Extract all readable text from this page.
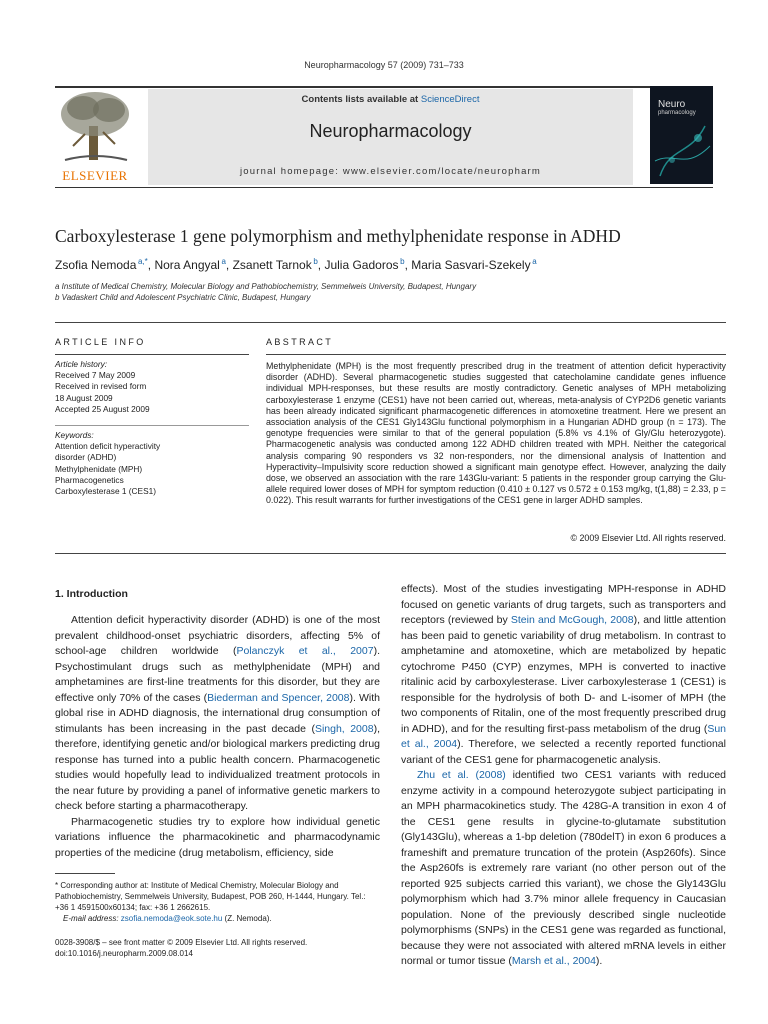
Neuropharmacology 57 (2009) 731–733
ELSEVIER
Contents lists available at ScienceDirect
Neuropharmacology
journal homepage: www.elsevier.com/locate/neuropharm
Neuro
pharmacology
Carboxylesterase 1 gene polymorphism and methylphenidate response in ADHD
Zsofia Nemoda  $^{a,*}$, Nora Angyal  $^a$, Zsanett Tarnok  $^b$, Julia Gadoros  $^b$, Maria Sasvari-Szekely  $^a$
a Institute of Medical Chemistry, Molecular Biology and Pathobiochemistry, Semmelweis University, Budapest, Hungary
b Vadaskert Child and Adolescent Psychiatric Clinic, Budapest, Hungary
ARTICLE INFO
Article history:
Received 7 May 2009
Received in revised form
18 August 2009
Accepted 25 August 2009
Keywords:
Attention deficit hyperactivity
disorder (ADHD)
Methylphenidate (MPH)
Pharmacogenetics
Carboxylesterase 1 (CES1)
ABSTRACT
Methylphenidate (MPH) is the most frequently prescribed drug in the treatment of attention deficit hyperactivity disorder (ADHD). Several pharmacogenetic studies suggested that catecholamine candidate genes influence individual MPH-responses, but these results are mostly contradictory. Genetic analyses of MPH metabolizing carboxylesterase 1 enzyme (CES1) have not been carried out, whereas, meta-analysis of CYP2D6 genetic variants has been already indicated significant pharmacogenetic differences in atomoxetine treatment. Here we present an association analysis of the CES1 Gly143Glu functional polymorphism in a Hungarian ADHD group (n = 173). The genotype frequencies were similar to that of the general population (5.8% vs 4.1% of Gly/Glu heterozygote). Pharmacogenetic analysis was conducted among 122 ADHD children treated with MPH. Neither the categorical analysis comparing 90 responders vs 32 non-responders, nor the dimensional analysis of Inattention and Hyperactivity–Impulsivity score reduction showed a significant main genotype effect. However, analyzing the daily dose, we observed an association with the rare 143Glu-variant: 5 patients in the responder group carrying the Glu-allele required lower doses of MPH for symptom reduction (0.410 ± 0.127 vs 0.572 ± 0.153 mg/kg, t(1,88) = 2.33, p = 0.022). This result warrants for further investigations of the CES1 gene in larger ADHD samples.
© 2009 Elsevier Ltd. All rights reserved.
1. Introduction

Attention deficit hyperactivity disorder (ADHD) is one of the most prevalent childhood-onset psychiatric disorders, affecting 5% of school-age children worldwide (Polanczyk et al., 2007). Psychostimulant drugs such as methylphenidate (MPH) and amphetamines are first-line treatments for this disorder, but they are effective only 70% of the cases (Biederman and Spencer, 2008). With global rise in ADHD diagnosis, the international drug consumption of stimulants has been increasing in the past decade (Singh, 2008), therefore, identifying genetic and/or biological markers predicting drug response has turned into a public health concern. Pharmacogenetic studies would hopefully lead to individualized treatment protocols in the near future by providing a panel of informative genetic markers to check before starting a pharmacotherapy.

Pharmacogenetic studies try to explore how individual genetic variations influence the pharmacokinetic and pharmacodynamic properties of the medicine (drug metabolism, efficiency, side

effects). Most of the studies investigating MPH-response in ADHD focused on genetic variants of drug targets, such as transporters and receptors (reviewed by Stein and McGough, 2008), and little attention has been paid to genetic variability of drug metabolism. In contrast to amphetamine and atomoxetine, which are metabolized by hepatic cytochrome P450 (CYP) enzymes, MPH is converted to inactive ritalinic acid by carboxylesterase. Liver carboxylesterase 1 (CES1) is responsible for the hydrolysis of both D- and L-isomer of MPH (the two components of Ritalin, one of the most frequently prescribed drug in ADHD), and for the resulting first-pass metabolism of the drug (Sun et al., 2004). Therefore, we selected a recently reported functional variant of the CES1 gene for pharmacogenetic analysis.

Zhu et al. (2008) identified two CES1 variants with reduced enzyme activity in a compound heterozygote subject participating in an MPH pharmacokinetics study. The 428G-A transition in exon 4 of the CES1 gene results in glycine-to-glutamate substitution (Gly143Glu), whereas a 1-bp deletion (780delT) in exon 6 produces a frameshift and premature truncation of the protein (Asp260fs). Since the Asp260fs is extremely rare variant (no other person out of the reported 925 subjects carried this variant), we chose the Gly143Glu polymorphism which had 3.7% minor allele frequency in Caucasian population. None of the previously described single nucleotide polymorphisms (SNPs) in the CES1 gene was regarded as functional, because they were not associated with altered mRNA levels in either normal or tumor tissue (Marsh et al., 2004).

* Corresponding author at: Institute of Medical Chemistry, Molecular Biology and Pathobiochemistry, Semmelweis University, Budapest, POB 260, H-1444, Hungary. Tel.: +36 1 4591500x60134; fax: +36 1 2662615.
E-mail address: zsofia.nemoda@eok.sote.hu (Z. Nemoda).
0028-3908/$ – see front matter © 2009 Elsevier Ltd. All rights reserved.
doi:10.1016/j.neuropharm.2009.08.014
